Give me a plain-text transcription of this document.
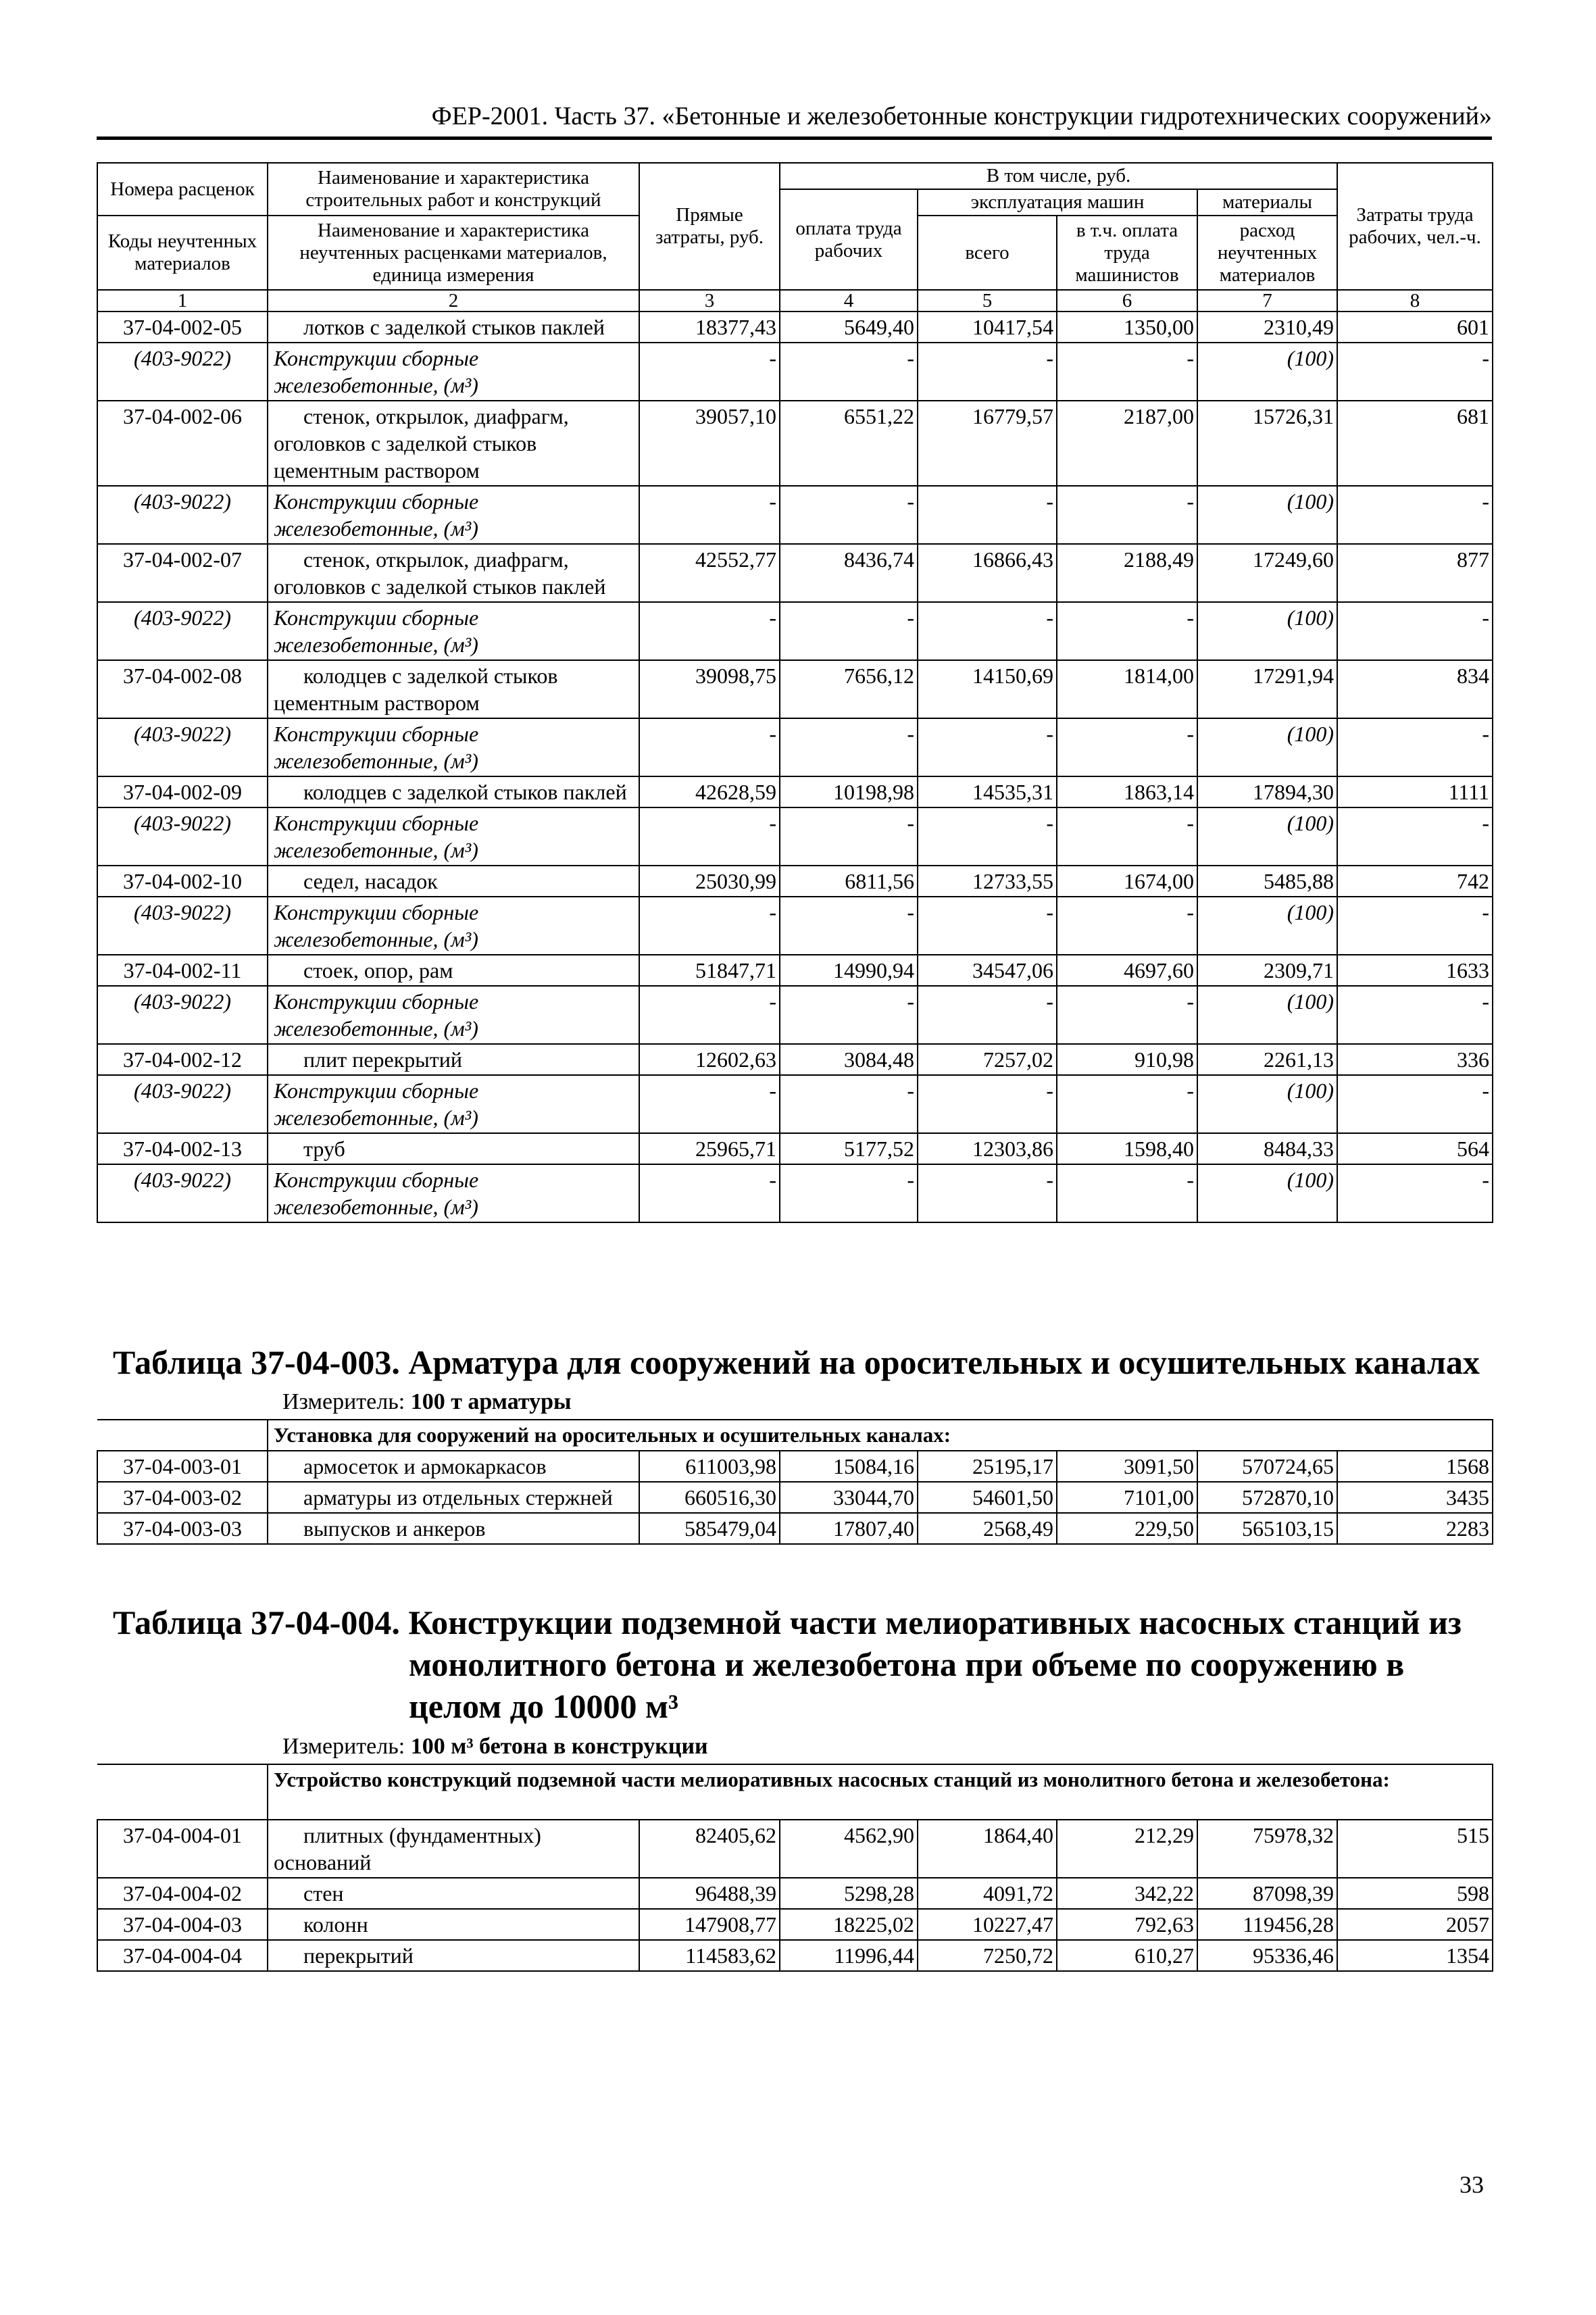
ФЕР-2001. Часть 37. «Бетонные и железобетонные конструкции гидротехнических сооружений»
Номера расценок	Наименование и характеристика строительных работ и конструкций	Прямые затраты, руб.	В том числе, руб.				Затраты труда рабочих, чел.-ч.
			оплата труда рабочих	эксплуатация машин		материалы	
Коды неучтенных материалов	Наименование и характеристика неучтенных расценками материалов, единица измерения			всего	в т.ч. оплата труда машинистов	расход неучтенных материалов	

1	2	3	4	5	6	7	8
37-04-002-05	лотков с заделкой стыков паклей	18377,43	5649,40	10417,54	1350,00	2310,49	601
(403-9022)	Конструкции сборные железобетонные, (м³)	-	-	-	-	(100)	-
37-04-002-06	стенок, открылок, диафрагм, оголовков с заделкой стыков цементным раствором	39057,10	6551,22	16779,57	2187,00	15726,31	681
(403-9022)	Конструкции сборные железобетонные, (м³)	-	-	-	-	(100)	-
37-04-002-07	стенок, открылок, диафрагм, оголовков с заделкой стыков паклей	42552,77	8436,74	16866,43	2188,49	17249,60	877
(403-9022)	Конструкции сборные железобетонные, (м³)	-	-	-	-	(100)	-
37-04-002-08	колодцев с заделкой стыков цементным раствором	39098,75	7656,12	14150,69	1814,00	17291,94	834
(403-9022)	Конструкции сборные железобетонные, (м³)	-	-	-	-	(100)	-
37-04-002-09	колодцев с заделкой стыков паклей	42628,59	10198,98	14535,31	1863,14	17894,30	1111
(403-9022)	Конструкции сборные железобетонные, (м³)	-	-	-	-	(100)	-
37-04-002-10	седел, насадок	25030,99	6811,56	12733,55	1674,00	5485,88	742
(403-9022)	Конструкции сборные железобетонные, (м³)	-	-	-	-	(100)	-
37-04-002-11	стоек, опор, рам	51847,71	14990,94	34547,06	4697,60	2309,71	1633
(403-9022)	Конструкции сборные железобетонные, (м³)	-	-	-	-	(100)	-
37-04-002-12	плит перекрытий	12602,63	3084,48	7257,02	910,98	2261,13	336
(403-9022)	Конструкции сборные железобетонные, (м³)	-	-	-	-	(100)	-
37-04-002-13	труб	25965,71	5177,52	12303,86	1598,40	8484,33	564
(403-9022)	Конструкции сборные железобетонные, (м³)	-	-	-	-	(100)	-
Таблица 37-04-003. Арматура для сооружений на оросительных и осушительных каналах
Измеритель: 100 т арматуры
	Установка для сооружений на оросительных и осушительных каналах:						
37-04-003-01	армосеток и армокаркасов	611003,98	15084,16	25195,17	3091,50	570724,65	1568
37-04-003-02	арматуры из отдельных стержней	660516,30	33044,70	54601,50	7101,00	572870,10	3435
37-04-003-03	выпусков и анкеров	585479,04	17807,40	2568,49	229,50	565103,15	2283
Таблица 37-04-004. Конструкции подземной части мелиоративных насосных станций из
монолитного бетона и железобетона при объеме по сооружению в
целом до 10000 м³
Измеритель: 100 м³ бетона в конструкции
	Устройство конструкций подземной части мелиоративных насосных станций из монолитного бетона и железобетона:						
37-04-004-01	плитных (фундаментных) оснований	82405,62	4562,90	1864,40	212,29	75978,32	515
37-04-004-02	стен	96488,39	5298,28	4091,72	342,22	87098,39	598
37-04-004-03	колонн	147908,77	18225,02	10227,47	792,63	119456,28	2057
37-04-004-04	перекрытий	114583,62	11996,44	7250,72	610,27	95336,46	1354
33
